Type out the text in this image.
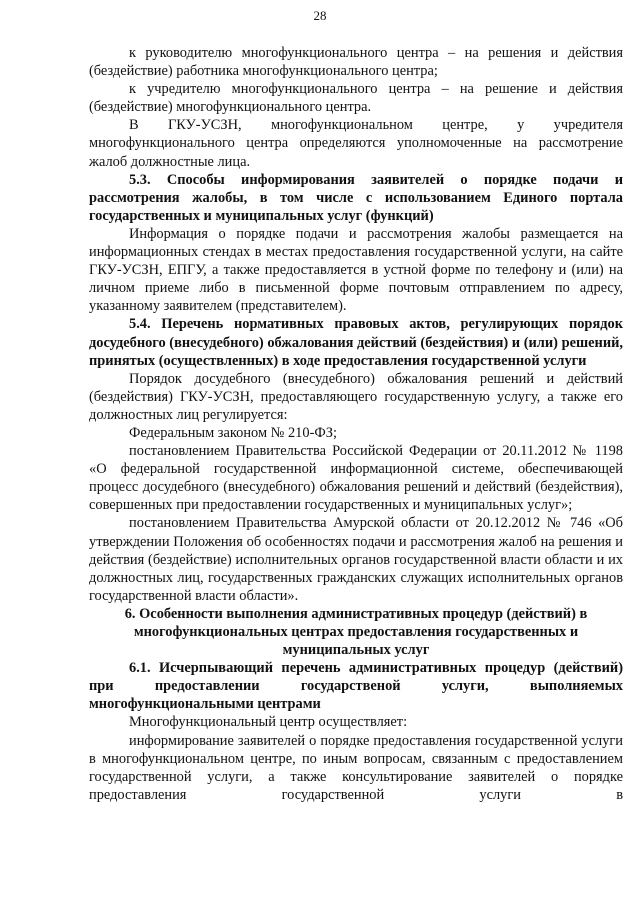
28

к руководителю многофункционального центра – на решения и действия (бездействие) работника многофункционального центра;

к учредителю многофункционального центра – на решение и действия (бездействие) многофункционального центра.

В ГКУ-УСЗН, многофункциональном центре, у учредителя многофункционального центра определяются уполномоченные на рассмотрение жалоб должностные лица.

5.3. Способы информирования заявителей о порядке подачи и рассмотрения жалобы, в том числе с использованием Единого портала государственных и муниципальных услуг (функций)

Информация о порядке подачи и рассмотрения жалобы размещается на информационных стендах в местах предоставления государственной услуги, на сайте ГКУ-УСЗН, ЕПГУ, а также предоставляется в устной форме по телефону и (или) на личном приеме либо в письменной форме почтовым отправлением по адресу, указанному заявителем (представителем).

5.4. Перечень нормативных правовых актов, регулирующих порядок досудебного (внесудебного) обжалования действий (бездействия) и (или) решений, принятых (осуществленных) в ходе предоставления государственной услуги

Порядок досудебного (внесудебного) обжалования решений и действий (бездействия) ГКУ-УСЗН, предоставляющего государственную услугу, а также его должностных лиц регулируется:

Федеральным законом № 210-ФЗ;

постановлением Правительства Российской Федерации от 20.11.2012 № 1198 «О федеральной государственной информационной системе, обеспечивающей процесс досудебного (внесудебного) обжалования решений и действий (бездействия), совершенных при предоставлении государственных и муниципальных услуг»;

постановлением Правительства Амурской области от 20.12.2012 № 746 «Об утверждении Положения об особенностях подачи и рассмотрения жалоб на решения и действия (бездействие) исполнительных органов государственной власти области и их должностных лиц, государственных гражданских служащих исполнительных органов государственной власти области».

6. Особенности выполнения административных процедур (действий) в многофункциональных центрах предоставления государственных и муниципальных услуг

6.1. Исчерпывающий перечень административных процедур (действий) при предоставлении государственой услуги, выполняемых многофункциональными центрами

Многофункциональный центр осуществляет:

информирование заявителей о порядке предоставления государственной услуги в многофункциональном центре, по иным вопросам, связанным с предоставлением государственной услуги, а также консультирование заявителей о порядке предоставления государственной услуги в
